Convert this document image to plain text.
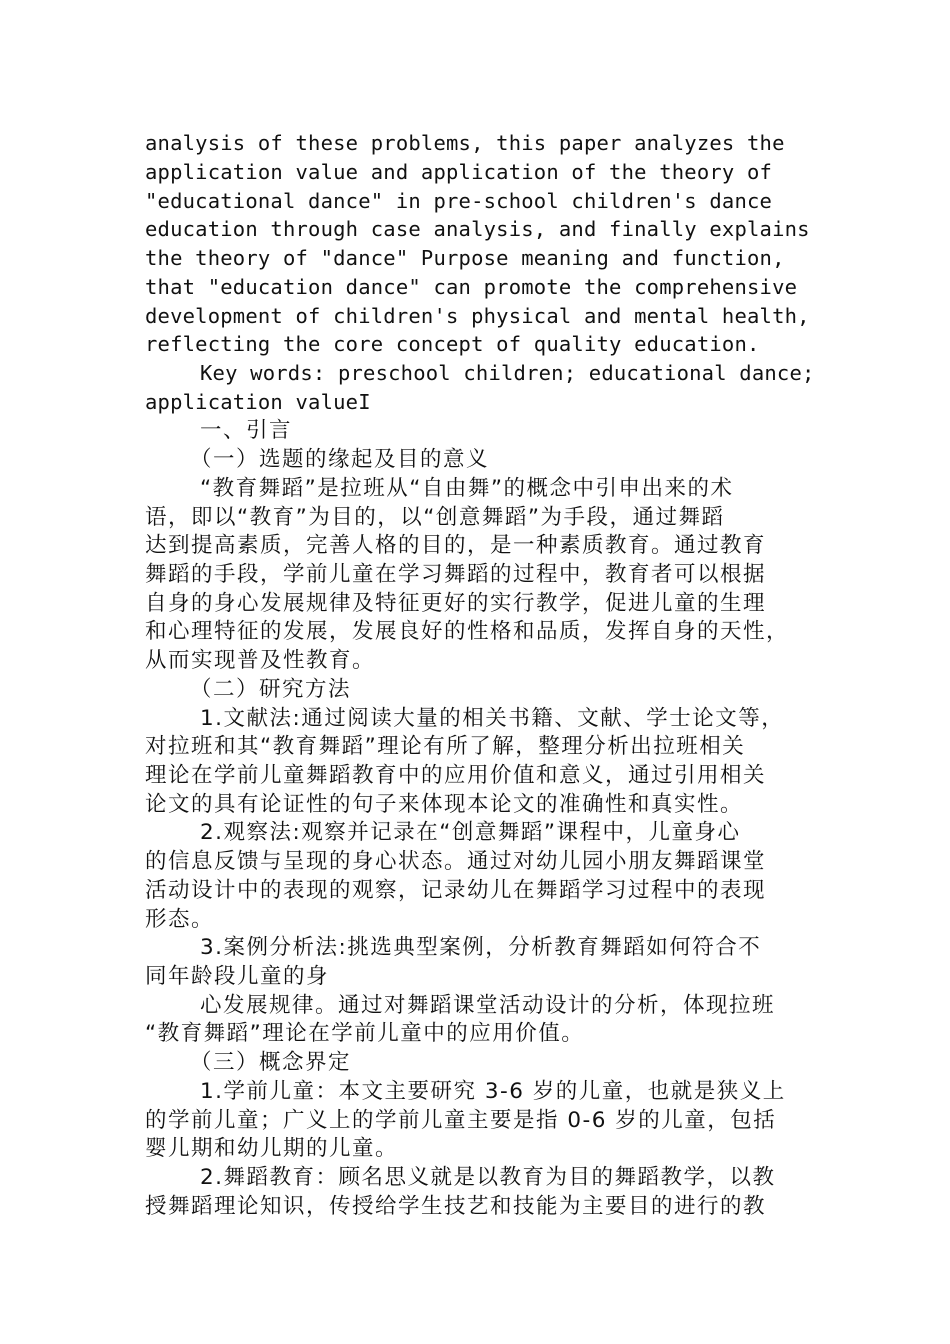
analysis of these problems, this paper analyzes the
application value and application of the theory of
"educational dance" in pre-school children's dance
education through case analysis, and finally explains
the theory of "dance" Purpose meaning and function,
that "education dance" can promote the comprehensive
development of children's physical and mental health,
reflecting the core concept of quality education.
Key words: preschool children; educational dance;
application valueI
一、引言
（一）选题的缘起及目的意义
“教育舞蹈”是拉班从“自由舞”的概念中引申出来的术
语，即以“教育”为目的，以“创意舞蹈”为手段，通过舞蹈
达到提高素质，完善人格的目的，是一种素质教育。通过教育
舞蹈的手段，学前儿童在学习舞蹈的过程中，教育者可以根据
自身的身心发展规律及特征更好的实行教学，促进儿童的生理
和心理特征的发展，发展良好的性格和品质，发挥自身的天性，
从而实现普及性教育。
（二）研究方法
1.文献法:通过阅读大量的相关书籍、文献、学士论文等，
对拉班和其“教育舞蹈”理论有所了解，整理分析出拉班相关
理论在学前儿童舞蹈教育中的应用价值和意义，通过引用相关
论文的具有论证性的句子来体现本论文的准确性和真实性。
2.观察法:观察并记录在“创意舞蹈”课程中，儿童身心
的信息反馈与呈现的身心状态。通过对幼儿园小朋友舞蹈课堂
活动设计中的表现的观察，记录幼儿在舞蹈学习过程中的表现
形态。
3.案例分析法:挑选典型案例，分析教育舞蹈如何符合不
同年龄段儿童的身
心发展规律。通过对舞蹈课堂活动设计的分析，体现拉班
“教育舞蹈”理论在学前儿童中的应用价值。
（三）概念界定
1.学前儿童：本文主要研究 3-6 岁的儿童，也就是狭义上
的学前儿童；广义上的学前儿童主要是指 0-6 岁的儿童，包括
婴儿期和幼儿期的儿童。
2.舞蹈教育：顾名思义就是以教育为目的舞蹈教学，以教
授舞蹈理论知识，传授给学生技艺和技能为主要目的进行的教
